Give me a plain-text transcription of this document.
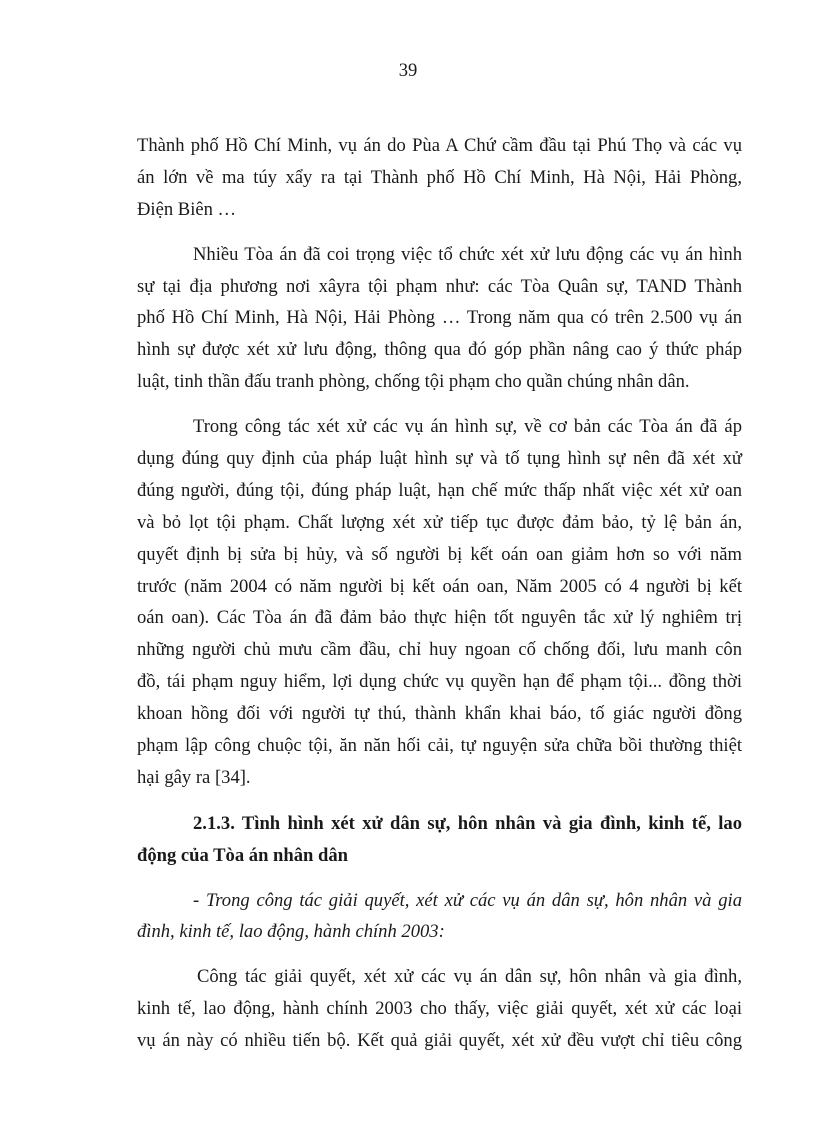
39
Thành phố Hồ Chí Minh, vụ án do Pùa A Chứ cầm đầu tại Phú Thọ và các vụ
án lớn về ma túy xẩy ra tại Thành phố Hồ Chí Minh, Hà Nội, Hải Phòng,
Điện Biên …
Nhiều Tòa án đã coi trọng việc tổ chức xét xử lưu động các vụ án hình
sự tại địa phương nơi xâyra tội phạm như: các Tòa Quân sự, TAND Thành
phố Hồ Chí Minh, Hà Nội, Hải Phòng … Trong năm qua có trên 2.500 vụ án
hình sự được xét xử lưu động, thông qua đó góp phần nâng cao ý thức pháp
luật, tinh thần đấu tranh phòng, chống tội phạm cho quần chúng nhân dân.
Trong công tác xét xử các vụ án hình sự, về cơ bản các Tòa án đã áp
dụng đúng quy định của pháp luật hình sự và tố tụng hình sự nên đã xét xử
đúng người, đúng tội, đúng pháp luật, hạn chế mức thấp nhất việc xét xử oan
và bỏ lọt tội phạm. Chất lượng xét xử tiếp tục được đảm bảo, tỷ lệ bản án,
quyết định bị sửa bị hủy, và số người bị kết oán oan giảm hơn so với năm
trước (năm 2004 có năm người bị kết oán oan, Năm 2005 có 4 người bị kết
oán oan). Các Tòa án đã đảm bảo thực hiện tốt nguyên tắc xử lý nghiêm trị
những người chủ mưu cầm đầu, chỉ huy ngoan cố chống đối, lưu manh côn
đồ, tái phạm nguy hiểm, lợi dụng chức vụ quyền hạn để phạm tội... đồng thời
khoan hồng đối với người tự thú, thành khẩn khai báo, tố giác người đồng
phạm lập công chuộc tội, ăn năn hối cải, tự nguyện sửa chữa bồi thường thiệt
hại gây ra [34].
2.1.3. Tình hình xét xử dân sự, hôn nhân và gia đình, kinh tế, lao
động của Tòa án nhân dân
- Trong công tác giải quyết, xét xử các vụ án dân sự, hôn nhân và gia
đình, kinh tế, lao động, hành chính 2003:
Công tác giải quyết, xét xử các vụ án dân sự, hôn nhân và gia đình,
kinh tế, lao động, hành chính 2003 cho thấy, việc giải quyết, xét xử các loại
vụ án này có nhiều tiến bộ. Kết quả giải quyết, xét xử đều vượt chỉ tiêu công
